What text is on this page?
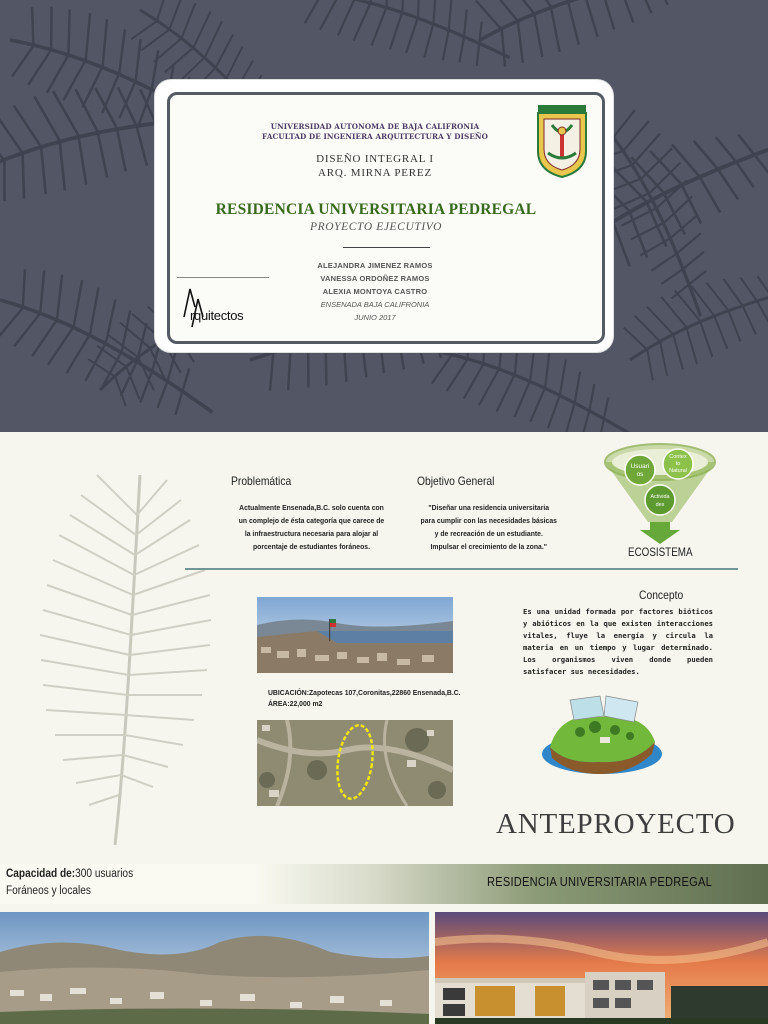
UNIVERSIDAD AUTONOMA DE BAJA CALIFRONIA
FACULTAD DE INGENIERA ARQUITECTURA Y DISEÑO
DISEÑO INTEGRAL I
ARQ. MIRNA PEREZ
RESIDENCIA UNIVERSITARIA PEDREGAL
PROYECTO EJECUTIVO
ALEJANDRA JIMENEZ RAMOS
VANESSA ORDOÑEZ RAMOS
ALEXIA MONTOYA CASTRO
ENSENADA BAJA CALIFRONIA
JUNIO 2017
rquitectos
Problemática
Actualmente Ensenada,B.C. solo cuenta con
un complejo de ésta categoría que carece de
la infraestructura necesaria para alojar al
porcentaje de estudiantes foráneos.
Objetivo General
"Diseñar una residencia universitaria
para cumplir con las necesidades básicas
y de recreación de un estudiante.
Impulsar el crecimiento de la zona."
Usuari
os
Contex
to
Natural
Activida
des
ECOSISTEMA
Concepto
Es una unidad formada por factores bióticos y abióticos en la que existen interacciones vitales, fluye la energía y circula la materia en un tiempo y lugar determinado. Los organismos viven donde pueden satisfacer sus necesidades.
UBICACIÓN:Zapotecas 107,Coronitas,22860 Ensenada,B.C.
ÁREA:22,000 m2
ANTEPROYECTO
Capacidad de:300 usuarios
Foráneos y locales
RESIDENCIA UNIVERSITARIA PEDREGAL
